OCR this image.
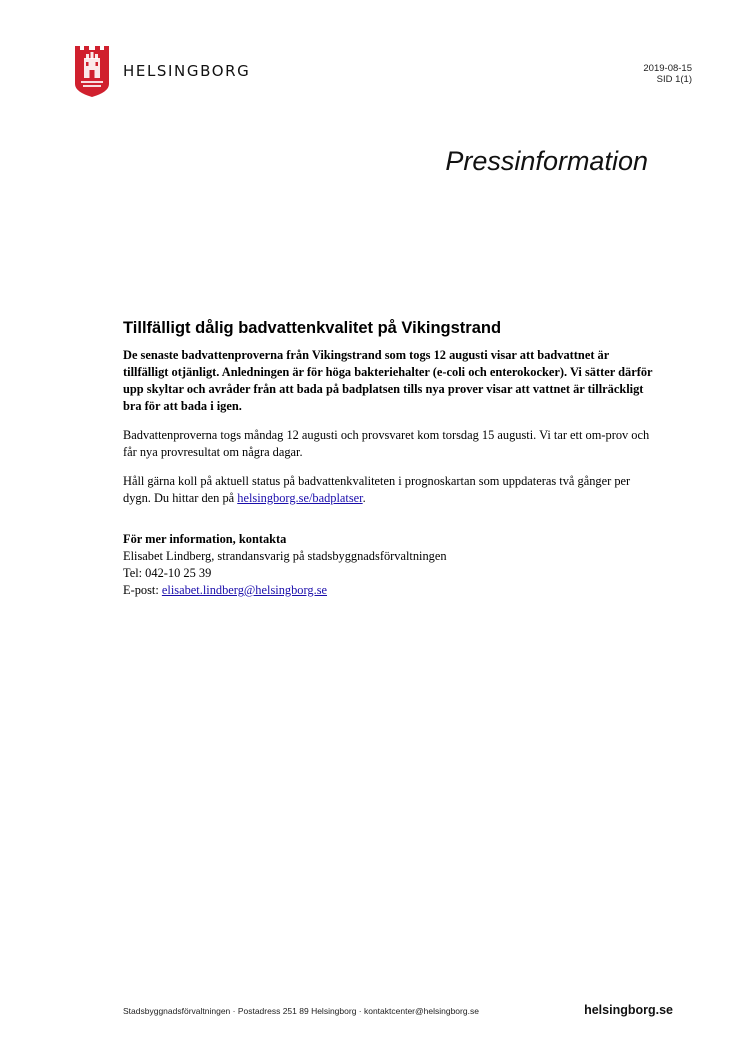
HELSINGBORG	2019-08-15
SID 1(1)
Pressinformation
Tillfälligt dålig badvattenkvalitet på Vikingstrand

De senaste badvattenproverna från Vikingstrand som togs 12 augusti visar att badvattnet är tillfälligt otjänligt. Anledningen är för höga bakteriehalter (e-coli och enterokocker). Vi sätter därför upp skyltar och avråder från att bada på badplatsen tills nya prover visar att vattnet är tillräckligt bra för att bada i igen.

Badvattenproverna togs måndag 12 augusti och provsvaret kom torsdag 15 augusti. Vi tar ett om-prov och får nya provresultat om några dagar.

Håll gärna koll på aktuell status på badvattenkvaliteten i prognoskartan som uppdateras två gånger per dygn. Du hittar den på helsingborg.se/badplatser.

För mer information, kontakta
Elisabet Lindberg, strandansvarig på stadsbyggnadsförvaltningen
Tel: 042-10 25 39
E-post: elisabet.lindberg@helsingborg.se
Stadsbyggnadsförvaltningen · Postadress 251 89 Helsingborg · kontaktcenter@helsingborg.se	helsingborg.se
